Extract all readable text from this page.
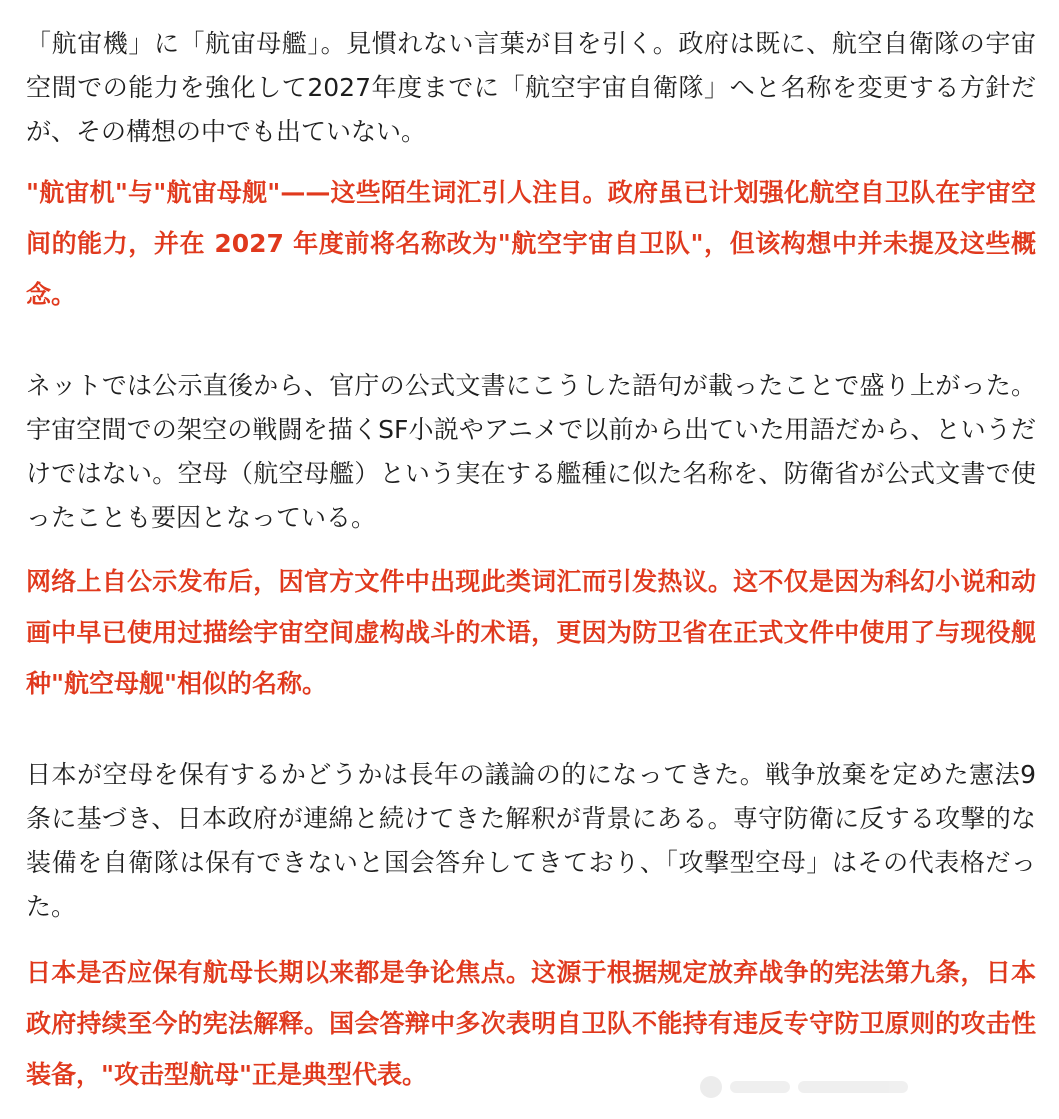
「航宙機」に「航宙母艦」。見慣れない言葉が目を引く。政府は既に、航空自衛隊の宇宙空間での能力を強化して2027年度までに「航空宇宙自衛隊」へと名称を変更する方針だが、その構想の中でも出ていない。

"航宙机"与"航宙母舰"——这些陌生词汇引人注目。政府虽已计划强化航空自卫队在宇宙空间的能力，并在 2027 年度前将名称改为"航空宇宙自卫队"，但该构想中并未提及这些概念。

ネットでは公示直後から、官庁の公式文書にこうした語句が載ったことで盛り上がった。宇宙空間での架空の戦闘を描くSF小説やアニメで以前から出ていた用語だから、というだけではない。空母（航空母艦）という実在する艦種に似た名称を、防衛省が公式文書で使ったことも要因となっている。

网络上自公示发布后，因官方文件中出现此类词汇而引发热议。这不仅是因为科幻小说和动画中早已使用过描绘宇宙空间虚构战斗的术语，更因为防卫省在正式文件中使用了与现役舰种"航空母舰"相似的名称。

日本が空母を保有するかどうかは長年の議論の的になってきた。戦争放棄を定めた憲法9条に基づき、日本政府が連綿と続けてきた解釈が背景にある。専守防衛に反する攻撃的な装備を自衛隊は保有できないと国会答弁してきており、「攻撃型空母」はその代表格だった。

日本是否应保有航母长期以来都是争论焦点。这源于根据规定放弃战争的宪法第九条，日本政府持续至今的宪法解释。国会答辩中多次表明自卫队不能持有违反专守防卫原则的攻击性装备，"攻击型航母"正是典型代表。
